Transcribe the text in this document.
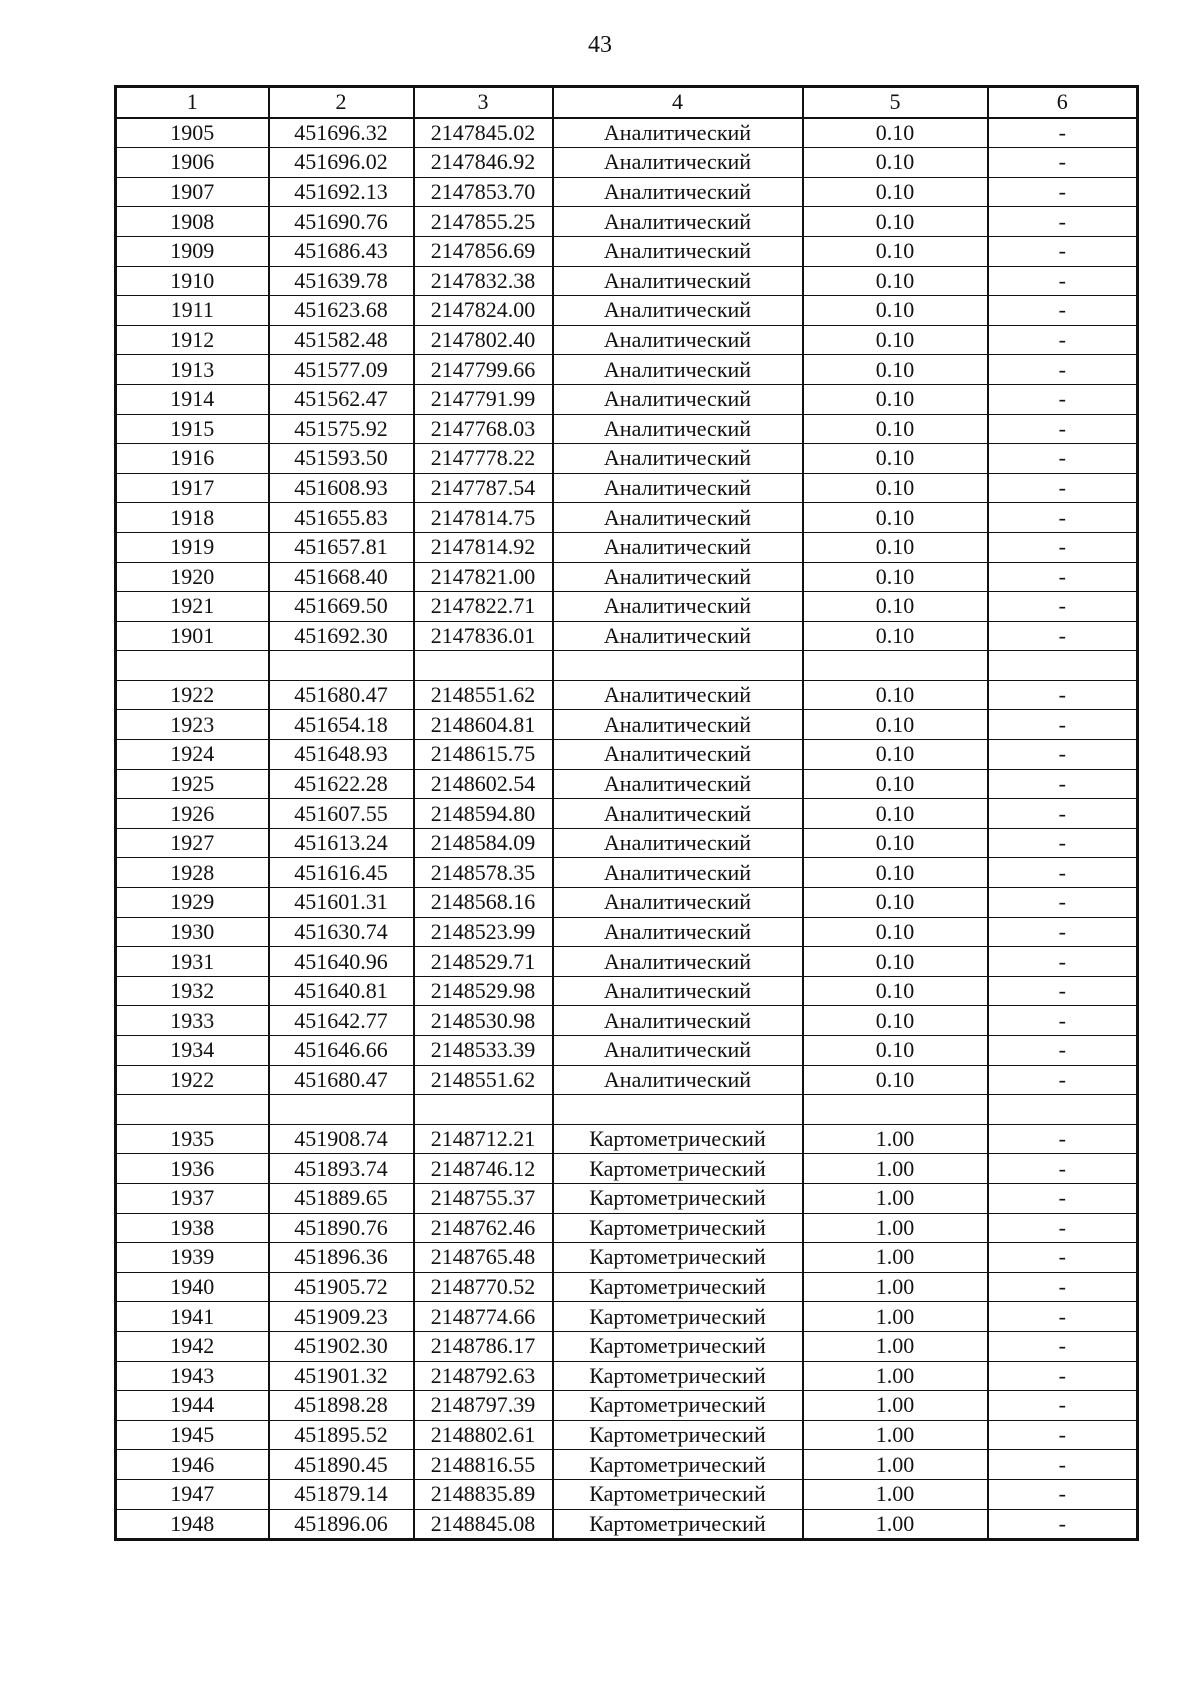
43
1	2	3	4	5	6
1905	451696.32	2147845.02	Аналитический	0.10	-
1906	451696.02	2147846.92	Аналитический	0.10	-
1907	451692.13	2147853.70	Аналитический	0.10	-
1908	451690.76	2147855.25	Аналитический	0.10	-
1909	451686.43	2147856.69	Аналитический	0.10	-
1910	451639.78	2147832.38	Аналитический	0.10	-
1911	451623.68	2147824.00	Аналитический	0.10	-
1912	451582.48	2147802.40	Аналитический	0.10	-
1913	451577.09	2147799.66	Аналитический	0.10	-
1914	451562.47	2147791.99	Аналитический	0.10	-
1915	451575.92	2147768.03	Аналитический	0.10	-
1916	451593.50	2147778.22	Аналитический	0.10	-
1917	451608.93	2147787.54	Аналитический	0.10	-
1918	451655.83	2147814.75	Аналитический	0.10	-
1919	451657.81	2147814.92	Аналитический	0.10	-
1920	451668.40	2147821.00	Аналитический	0.10	-
1921	451669.50	2147822.71	Аналитический	0.10	-
1901	451692.30	2147836.01	Аналитический	0.10	-

1922	451680.47	2148551.62	Аналитический	0.10	-
1923	451654.18	2148604.81	Аналитический	0.10	-
1924	451648.93	2148615.75	Аналитический	0.10	-
1925	451622.28	2148602.54	Аналитический	0.10	-
1926	451607.55	2148594.80	Аналитический	0.10	-
1927	451613.24	2148584.09	Аналитический	0.10	-
1928	451616.45	2148578.35	Аналитический	0.10	-
1929	451601.31	2148568.16	Аналитический	0.10	-
1930	451630.74	2148523.99	Аналитический	0.10	-
1931	451640.96	2148529.71	Аналитический	0.10	-
1932	451640.81	2148529.98	Аналитический	0.10	-
1933	451642.77	2148530.98	Аналитический	0.10	-
1934	451646.66	2148533.39	Аналитический	0.10	-
1922	451680.47	2148551.62	Аналитический	0.10	-

1935	451908.74	2148712.21	Картометрический	1.00	-
1936	451893.74	2148746.12	Картометрический	1.00	-
1937	451889.65	2148755.37	Картометрический	1.00	-
1938	451890.76	2148762.46	Картометрический	1.00	-
1939	451896.36	2148765.48	Картометрический	1.00	-
1940	451905.72	2148770.52	Картометрический	1.00	-
1941	451909.23	2148774.66	Картометрический	1.00	-
1942	451902.30	2148786.17	Картометрический	1.00	-
1943	451901.32	2148792.63	Картометрический	1.00	-
1944	451898.28	2148797.39	Картометрический	1.00	-
1945	451895.52	2148802.61	Картометрический	1.00	-
1946	451890.45	2148816.55	Картометрический	1.00	-
1947	451879.14	2148835.89	Картометрический	1.00	-
1948	451896.06	2148845.08	Картометрический	1.00	-
